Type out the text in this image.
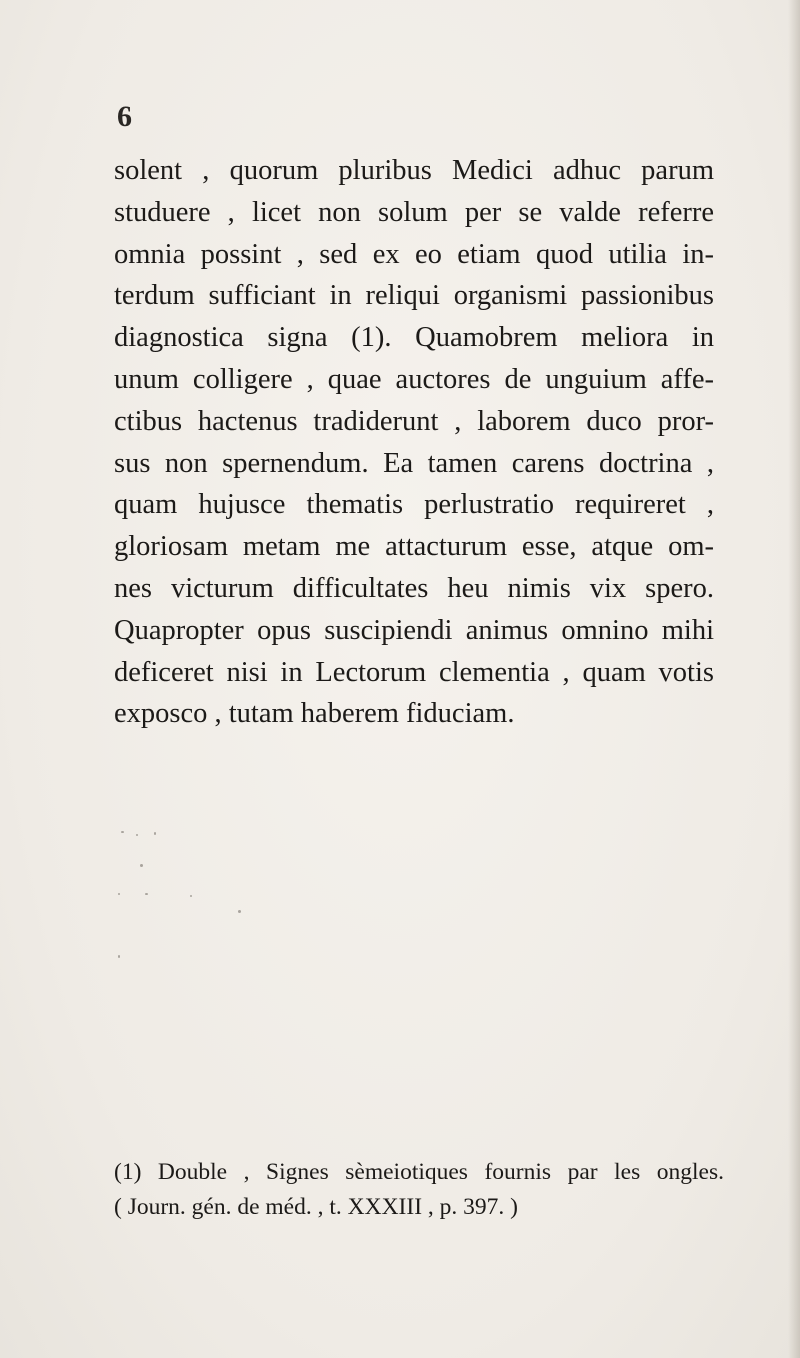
6
solent , quorum pluribus Medici adhuc parum
studuere , licet non solum per se valde referre
omnia possint , sed ex eo etiam quod utilia in-
terdum sufficiant in reliqui organismi passionibus
diagnostica signa (1). Quamobrem meliora in
unum colligere , quae auctores de unguium affe-
ctibus hactenus tradiderunt , laborem duco pror-
sus non spernendum. Ea tamen carens doctrina ,
quam hujusce thematis perlustratio requireret ,
gloriosam metam me attacturum esse, atque om-
nes victurum difficultates heu nimis vix spero.
Quapropter opus suscipiendi animus omnino mihi
deficeret nisi in Lectorum clementia , quam votis
exposco , tutam haberem fiduciam.
(1) Double , Signes sèmeiotiques fournis par les ongles.
( Journ. gén. de méd. , t. XXXIII , p. 397. )
